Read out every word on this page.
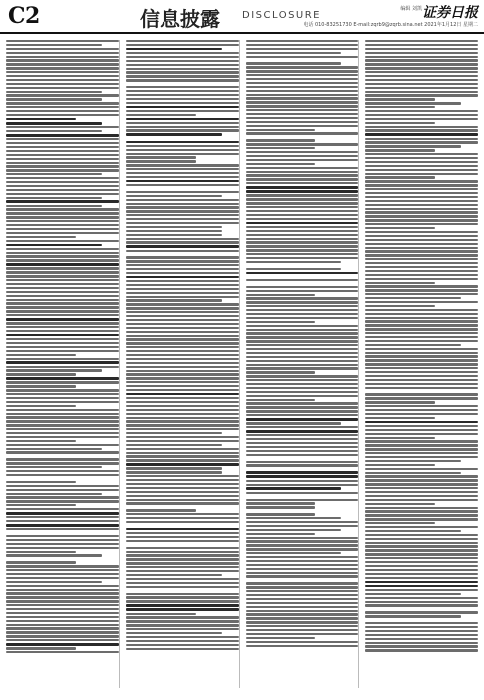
C2	信息披露 DISCLOSURE
编辑 刘凯 证券日报
电话 010-83251730 E-mail:zqrb9@zqrb.sina.net 2021年1月12日 星期二
